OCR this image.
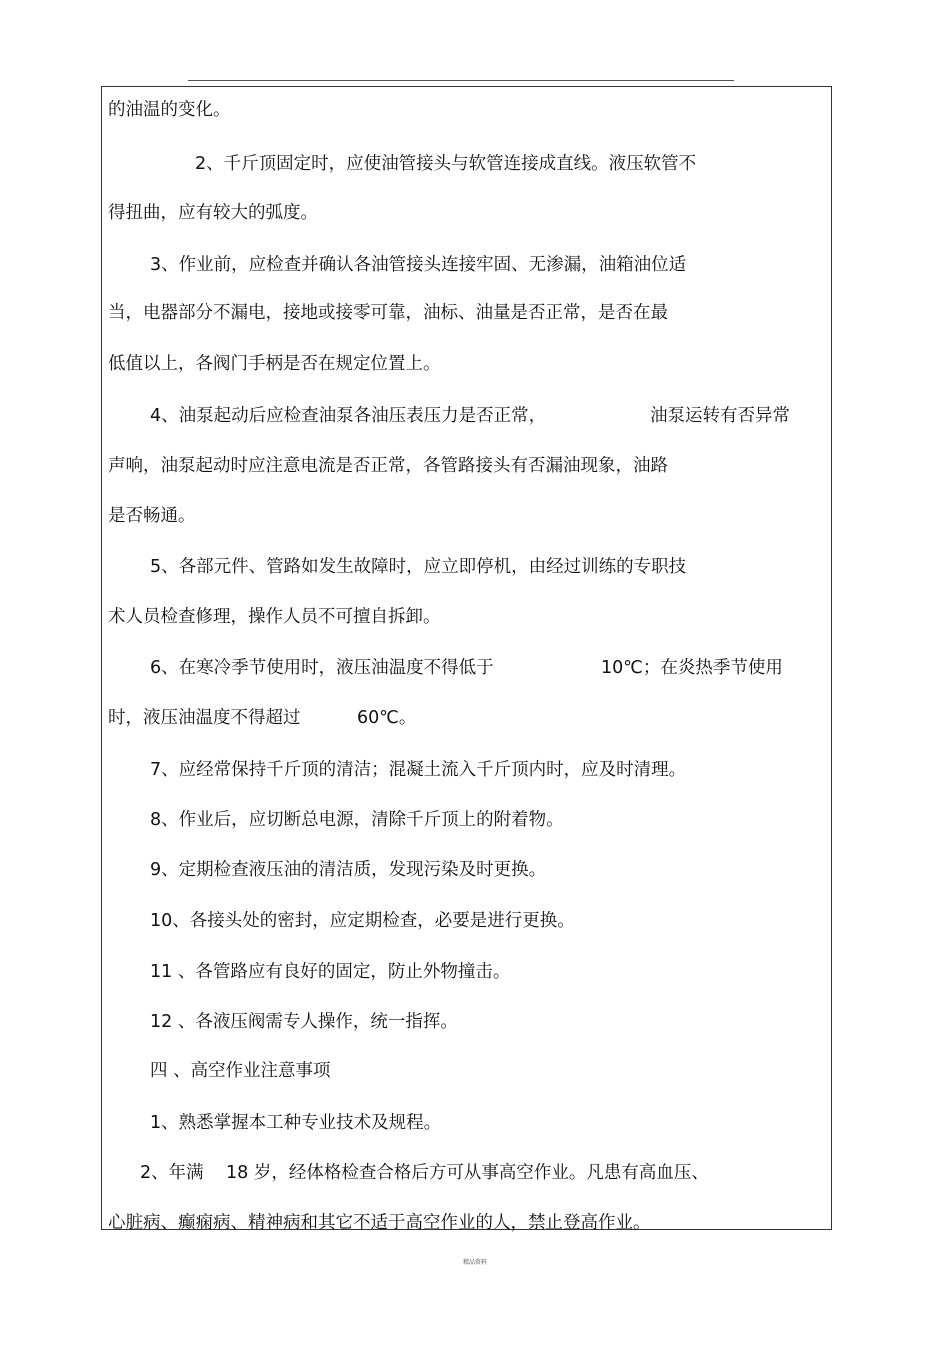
的油温的变化。
2、千斤顶固定时，应使油管接头与软管连接成直线。液压软管不
得扭曲，应有较大的弧度。
3、作业前，应检查并确认各油管接头连接牢固、无渗漏，油箱油位适
当，电器部分不漏电，接地或接零可靠，油标、油量是否正常，是否在最
低值以上，各阀门手柄是否在规定位置上。
4、油泵起动后应检查油泵各油压表压力是否正常，	油泵运转有否异常
声响，油泵起动时应注意电流是否正常，各管路接头有否漏油现象，油路
是否畅通。
5、各部元件、管路如发生故障时，应立即停机，由经过训练的专职技
术人员检查修理，操作人员不可擅自拆卸。
6、在寒冷季节使用时，液压油温度不得低于	10℃；在炎热季节使用
时，液压油温度不得超过	60℃。
7、应经常保持千斤顶的清洁；混凝土流入千斤顶内时，应及时清理。
8、作业后，应切断总电源，清除千斤顶上的附着物。
9、定期检查液压油的清洁质，发现污染及时更换。
10、各接头处的密封，应定期检查，必要是进行更换。
11 、各管路应有良好的固定，防止外物撞击。
12 、各液压阀需专人操作，统一指挥。
四 、高空作业注意事项
1、熟悉掌握本工种专业技术及规程。
2、年满 18 岁，经体格检查合格后方可从事高空作业。凡患有高血压、
心脏病、癫痫病、精神病和其它不适于高空作业的人，禁止登高作业。
精品资料
